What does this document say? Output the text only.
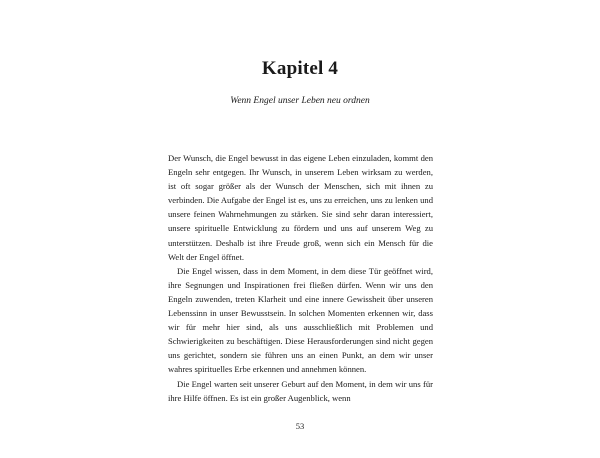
Kapitel 4
Wenn Engel unser Leben neu ordnen

Der Wunsch, die Engel bewusst in das eigene Leben einzuladen, kommt den Engeln sehr entgegen. Ihr Wunsch, in unserem Leben wirksam zu werden, ist oft sogar größer als der Wunsch der Menschen, sich mit ihnen zu verbinden. Die Aufgabe der Engel ist es, uns zu erreichen, uns zu lenken und unsere feinen Wahrnehmungen zu stärken. Sie sind sehr daran interessiert, unsere spirituelle Entwicklung zu fördern und uns auf unserem Weg zu unterstützen. Deshalb ist ihre Freude groß, wenn sich ein Mensch für die Welt der Engel öffnet.

Die Engel wissen, dass in dem Moment, in dem diese Tür geöffnet wird, ihre Segnungen und Inspirationen frei fließen dürfen. Wenn wir uns den Engeln zuwenden, treten Klarheit und eine innere Gewissheit über unseren Lebenssinn in unser Bewusstsein. In solchen Momenten erkennen wir, dass wir für mehr hier sind, als uns ausschließlich mit Problemen und Schwierigkeiten zu beschäftigen. Diese Herausforderungen sind nicht gegen uns gerichtet, sondern sie führen uns an einen Punkt, an dem wir unser wahres spirituelles Erbe erkennen und annehmen können.

Die Engel warten seit unserer Geburt auf den Moment, in dem wir uns für ihre Hilfe öffnen. Es ist ein großer Augenblick, wenn

53
